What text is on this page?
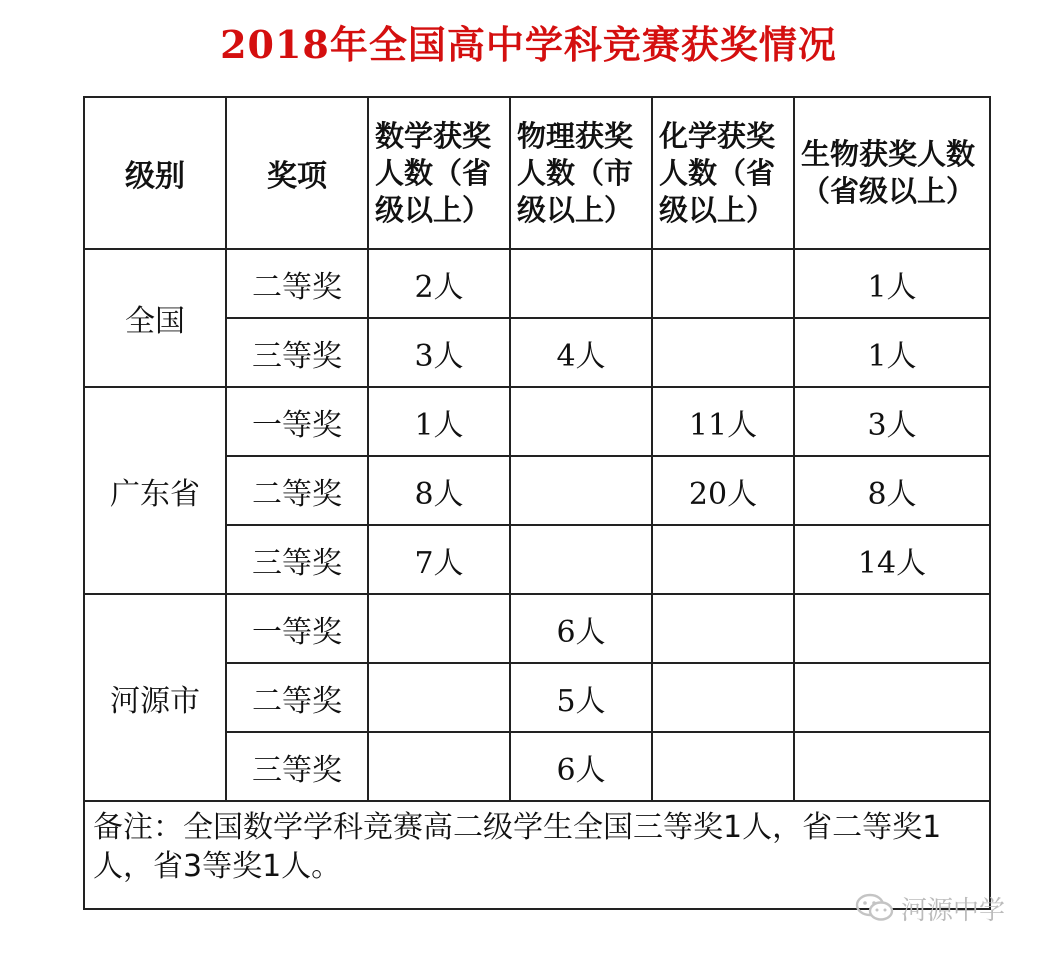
2018年全国高中学科竞赛获奖情况
级别	奖项	数学获奖人数（省级以上）	物理获奖人数（市级以上）	化学获奖人数（省级以上）	生物获奖人数（省级以上）
全国	二等奖	2人			1人
	三等奖	3人	4人		1人
广东省	一等奖	1人		11人	3人
	二等奖	8人		20人	8人
	三等奖	7人			14人
河源市	一等奖		6人		
	二等奖		5人		
	三等奖		6人		
备注：全国数学学科竞赛高二级学生全国三等奖1人，省二等奖1人，省3等奖1人。					
河源中学
